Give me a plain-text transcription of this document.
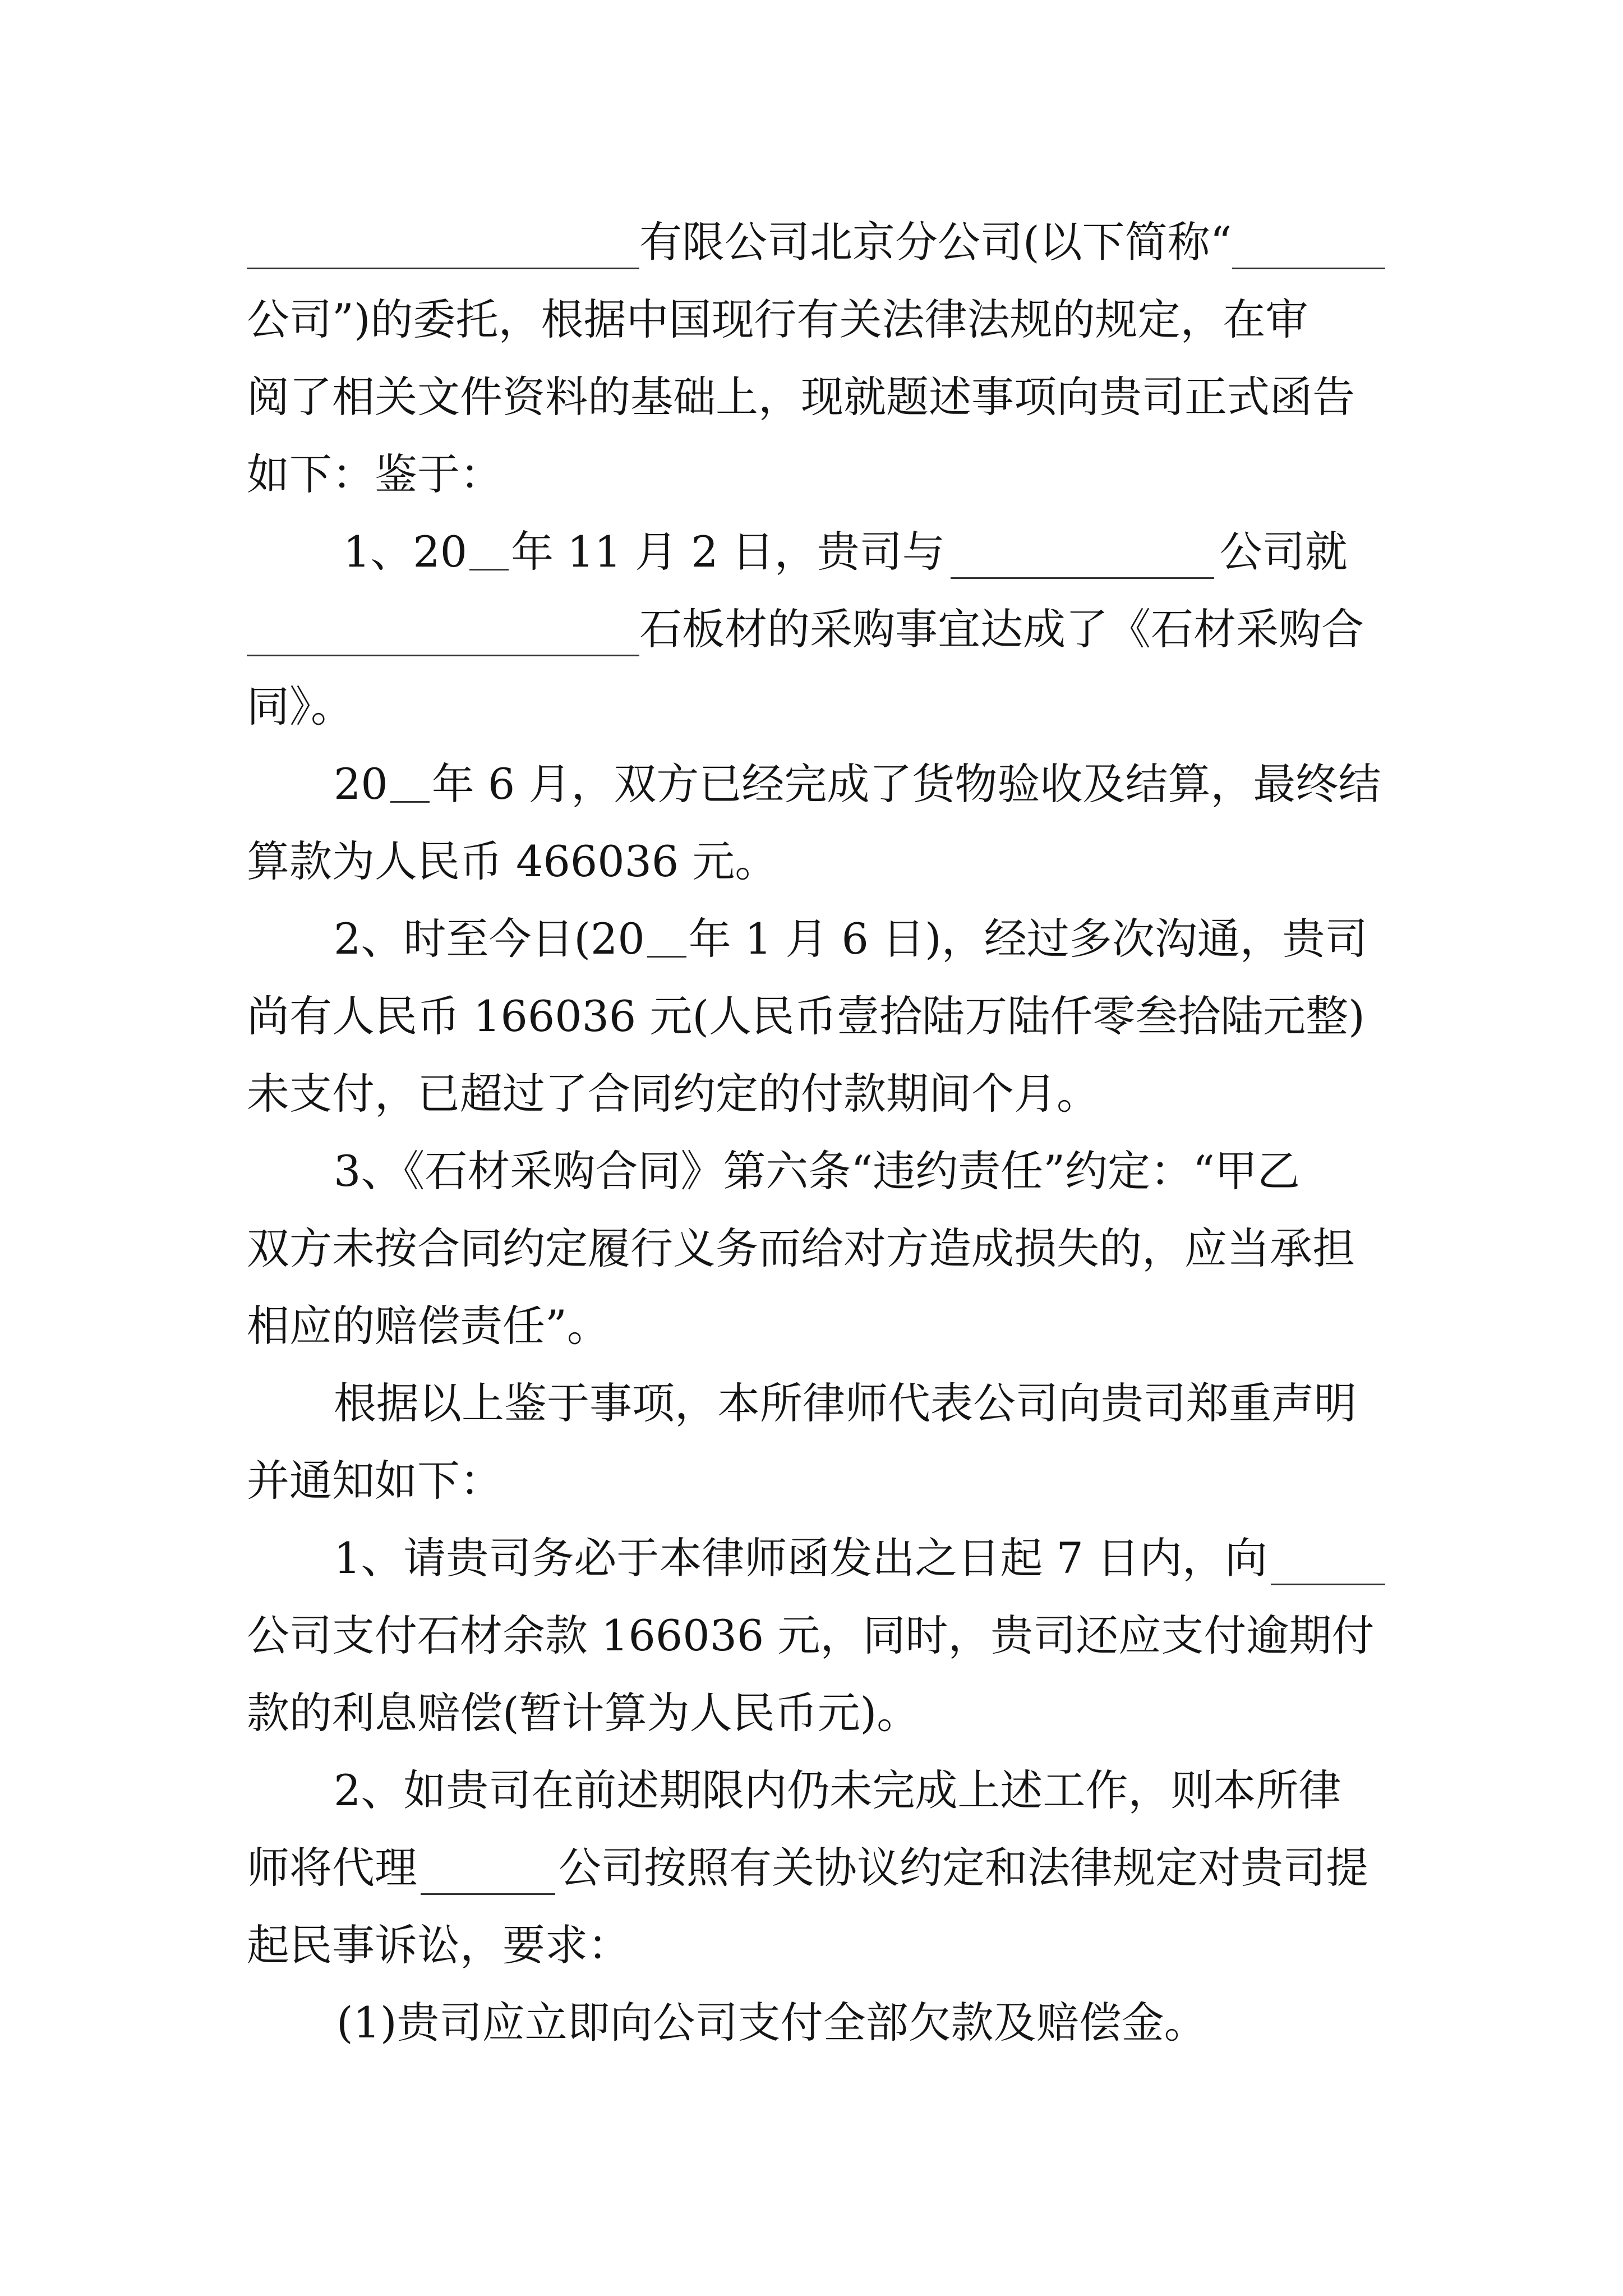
有限公司北京分公司(以下简称“
公司”)的委托，根据中国现行有关法律法规的规定，在审
阅了相关文件资料的基础上，现就题述事项向贵司正式函告
如下：鉴于：
1、20 年 11 月 2 日，贵司与	公司就
石板材的采购事宜达成了《石材采购合
同》。
20 年 6 月，双方已经完成了货物验收及结算，最终结
算款为人民币 466036 元。
2、时至今日(20 年 1 月 6 日)，经过多次沟通，贵司
尚有人民币 166036 元(人民币壹拾陆万陆仟零叁拾陆元整)
未支付，已超过了合同约定的付款期间个月。
3、《石材采购合同》第六条“违约责任”约定：“甲乙
双方未按合同约定履行义务而给对方造成损失的，应当承担
相应的赔偿责任”。
根据以上鉴于事项，本所律师代表公司向贵司郑重声明
并通知如下：
1、请贵司务必于本律师函发出之日起 7 日内，向
公司支付石材余款 166036 元，同时，贵司还应支付逾期付
款的利息赔偿(暂计算为人民币元)。
2、如贵司在前述期限内仍未完成上述工作，则本所律
师将代理	公司按照有关协议约定和法律规定对贵司提
起民事诉讼，要求：
(1)贵司应立即向公司支付全部欠款及赔偿金。
